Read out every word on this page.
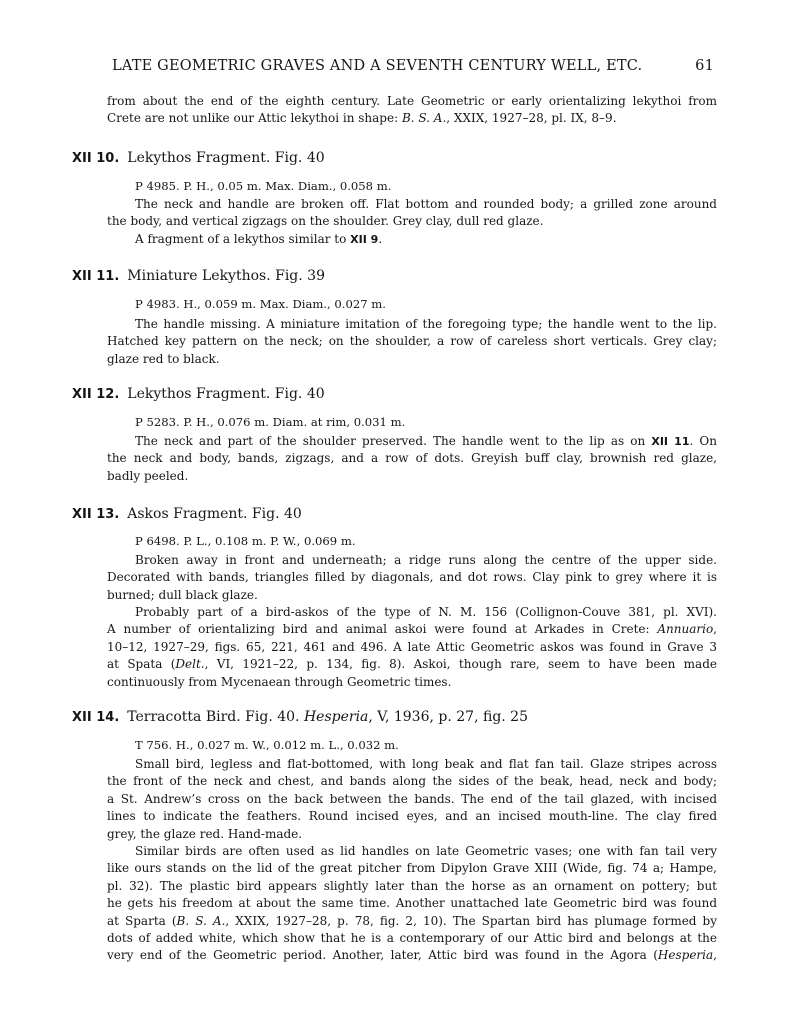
LATE GEOMETRIC GRAVES AND A SEVENTH CENTURY WELL, ETC.	61
from about the end of the eighth century. Late Geometric or early orientalizing lekythoi from
Crete are not unlike our Attic lekythoi in shape: B. S. A., XXIX, 1927–28, pl. IX, 8–9.
XII 10. Lekythos Fragment. Fig. 40
P 4985. P. H., 0.05 m. Max. Diam., 0.058 m.
The neck and handle are broken off. Flat bottom and rounded body; a grilled zone around
the body, and vertical zigzags on the shoulder. Grey clay, dull red glaze.
A fragment of a lekythos similar to XII 9.
XII 11. Miniature Lekythos. Fig. 39
P 4983. H., 0.059 m. Max. Diam., 0.027 m.
The handle missing. A miniature imitation of the foregoing type; the handle went to the lip.
Hatched key pattern on the neck; on the shoulder, a row of careless short verticals. Grey clay;
glaze red to black.
XII 12. Lekythos Fragment. Fig. 40
P 5283. P. H., 0.076 m. Diam. at rim, 0.031 m.
The neck and part of the shoulder preserved. The handle went to the lip as on XII 11. On
the neck and body, bands, zigzags, and a row of dots. Greyish buff clay, brownish red glaze,
badly peeled.
XII 13. Askos Fragment. Fig. 40
P 6498. P. L., 0.108 m. P. W., 0.069 m.
Broken away in front and underneath; a ridge runs along the centre of the upper side.
Decorated with bands, triangles filled by diagonals, and dot rows. Clay pink to grey where it is
burned; dull black glaze.
Probably part of a bird-askos of the type of N. M. 156 (Collignon-Couve 381, pl. XVI).
A number of orientalizing bird and animal askoi were found at Arkades in Crete: Annuario,
10–12, 1927–29, figs. 65, 221, 461 and 496. A late Attic Geometric askos was found in Grave 3
at Spata (Delt., VI, 1921–22, p. 134, fig. 8). Askoi, though rare, seem to have been made
continuously from Mycenaean through Geometric times.
XII 14. Terracotta Bird. Fig. 40. Hesperia, V, 1936, p. 27, fig. 25
T 756. H., 0.027 m. W., 0.012 m. L., 0.032 m.
Small bird, legless and flat-bottomed, with long beak and flat fan tail. Glaze stripes across
the front of the neck and chest, and bands along the sides of the beak, head, neck and body;
a St. Andrew’s cross on the back between the bands. The end of the tail glazed, with incised
lines to indicate the feathers. Round incised eyes, and an incised mouth-line. The clay fired
grey, the glaze red. Hand-made.
Similar birds are often used as lid handles on late Geometric vases; one with fan tail very
like ours stands on the lid of the great pitcher from Dipylon Grave XIII (Wide, fig. 74 a; Hampe,
pl. 32). The plastic bird appears slightly later than the horse as an ornament on pottery; but
he gets his freedom at about the same time. Another unattached late Geometric bird was found
at Sparta (B. S. A., XXIX, 1927–28, p. 78, fig. 2, 10). The Spartan bird has plumage formed by
dots of added white, which show that he is a contemporary of our Attic bird and belongs at the
very end of the Geometric period. Another, later, Attic bird was found in the Agora (Hesperia,
